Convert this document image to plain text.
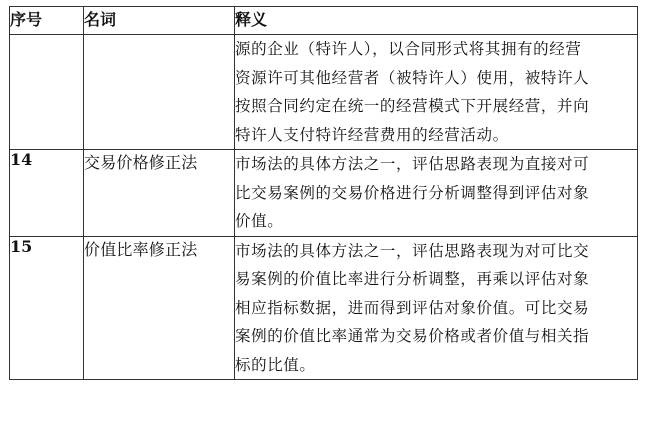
序号	名词	释义

		源的企业（特许人），以合同形式将其拥有的经营
资源许可其他经营者（被特许人）使用，被特许人
按照合同约定在统一的经营模式下开展经营，并向
特许人支付特许经营费用的经营活动。

14	交易价格修正法	市场法的具体方法之一，评估思路表现为直接对可
比交易案例的交易价格进行分析调整得到评估对象
价值。

15	价值比率修正法	市场法的具体方法之一，评估思路表现为对可比交
易案例的价值比率进行分析调整，再乘以评估对象
相应指标数据，进而得到评估对象价值。可比交易
案例的价值比率通常为交易价格或者价值与相关指
标的比值。
